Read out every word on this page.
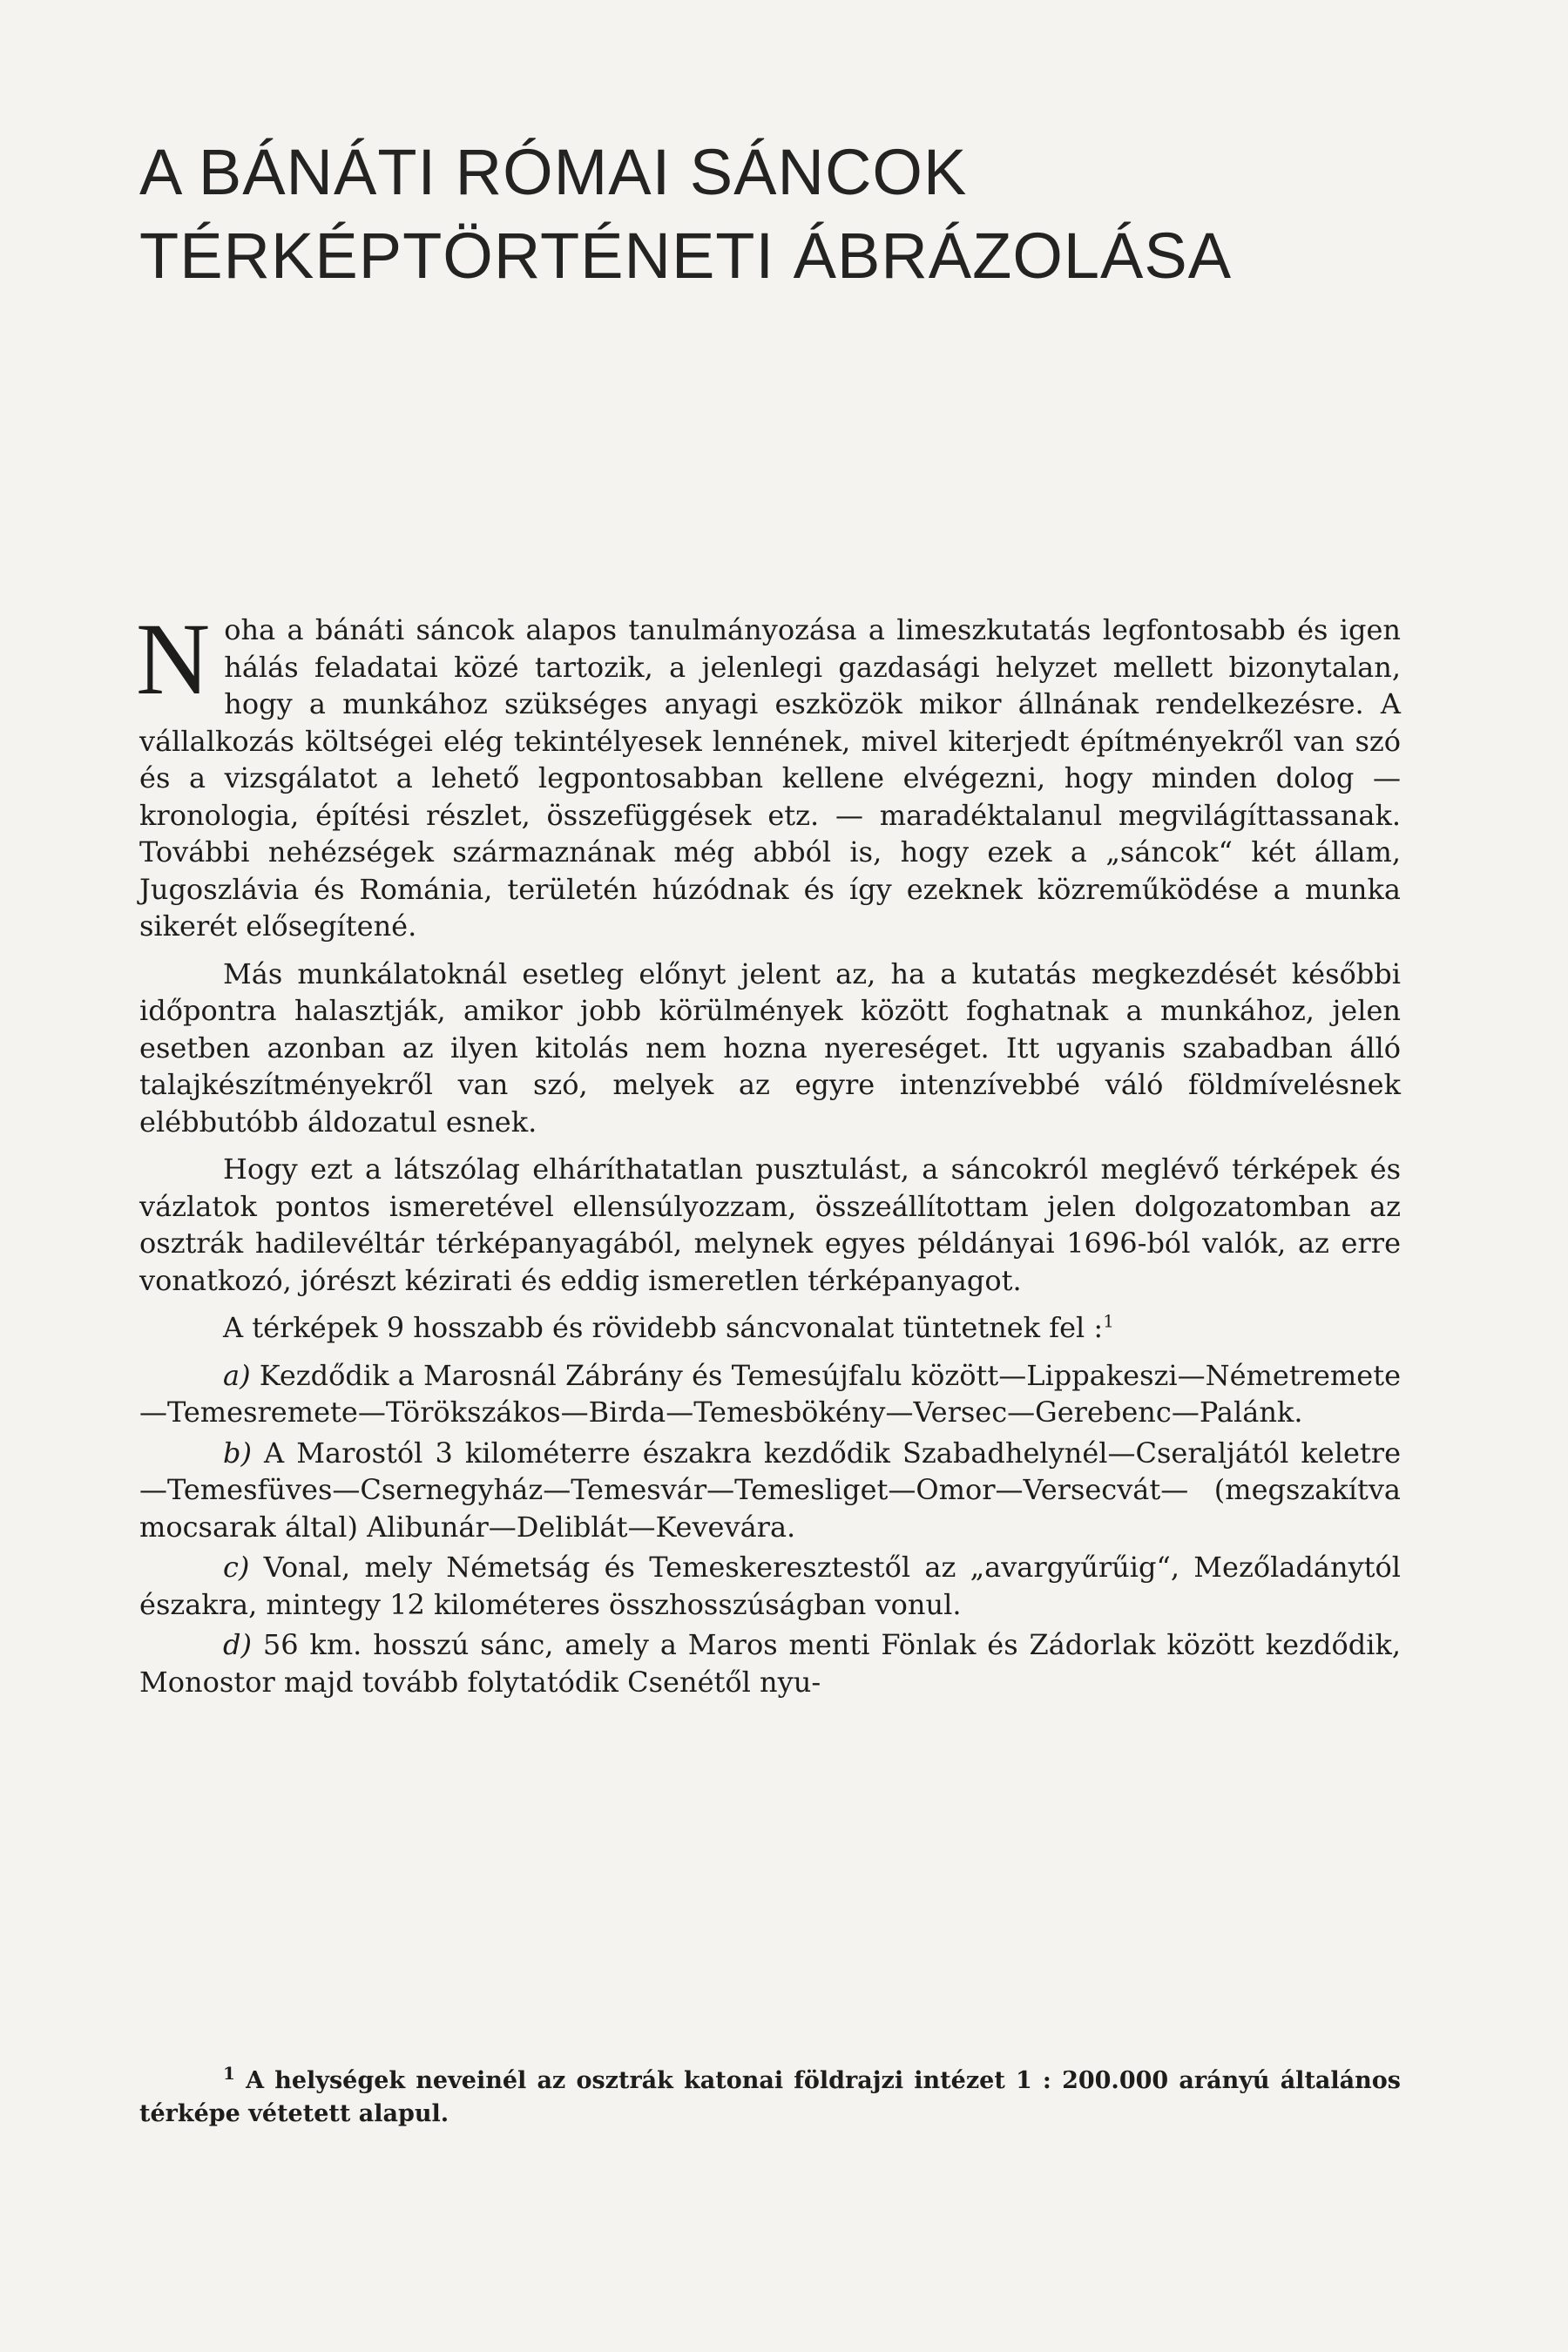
A BÁNÁTI RÓMAI SÁNCOK
TÉRKÉPTÖRTÉNETI ÁBRÁZOLÁSA

Noha a bánáti sáncok alapos tanulmányozása a limeszkutatás legfontosabb és igen hálás feladatai közé tartozik, a jelenlegi gazdasági helyzet mellett bizonytalan, hogy a munkához szükséges anyagi eszközök mikor állnának rendelkezésre. A vállalkozás költségei elég tekintélyesek lennének, mivel kiterjedt építményekről van szó és a vizsgálatot a lehető legpontosabban kellene elvégezni, hogy minden dolog — kronologia, építési részlet, összefüggések etz. — maradéktalanul megvilágíttassanak. További nehézségek származnának még abból is, hogy ezek a „sáncok“ két állam, Jugoszlávia és Románia, területén húzódnak és így ezeknek közreműködése a munka sikerét elősegítené.

Más munkálatoknál esetleg előnyt jelent az, ha a kutatás megkezdését későbbi időpontra halasztják, amikor jobb körülmények között foghatnak a munkához, jelen esetben azonban az ilyen kitolás nem hozna nyereséget. Itt ugyanis szabadban álló talajkészítményekről van szó, melyek az egyre intenzívebbé váló földmívelésnek elébbutóbb áldozatul esnek.

Hogy ezt a látszólag elháríthatatlan pusztulást, a sáncokról meglévő térképek és vázlatok pontos ismeretével ellensúlyozzam, összeállítottam jelen dolgozatomban az osztrák hadilevéltár térképanyagából, melynek egyes példányai 1696-ból valók, az erre vonatkozó, jórészt kézirati és eddig ismeretlen térképanyagot.

A térképek 9 hosszabb és rövidebb sáncvonalat tüntetnek fel :$^1$

a) Kezdődik a Marosnál Zábrány és Temesújfalu között—Lippakeszi—Németremete—Temesremete—Törökszákos—Birda—Temesbökény—Versec—Gerebenc—Palánk.

b) A Marostól 3 kilométerre északra kezdődik Szabadhelynél—Cseraljától keletre—Temesfüves—Csernegyház—Temesvár—Temesliget—Omor—Versecvát— (megszakítva mocsarak által) Alibunár—Deliblát—Kevevára.

c) Vonal, mely Németság és Temeskeresztestől az „avargyűrűig“, Mezőladánytól északra, mintegy 12 kilométeres összhosszúságban vonul.

d) 56 km. hosszú sánc, amely a Maros menti Fönlak és Zádorlak között kezdődik, Monostor majd tovább folytatódik Csenétől nyu-

$^1$ A helységek neveinél az osztrák katonai földrajzi intézet 1 : 200.000 arányú általános térképe vétetett alapul.
